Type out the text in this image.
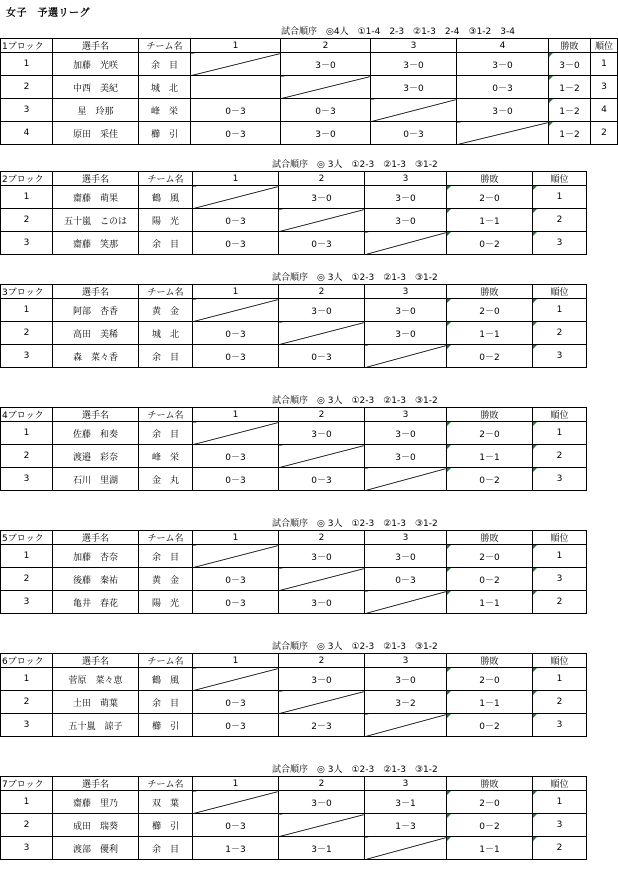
女子　予選リーグ
試合順序　◎4人　①1-4　2-3　②1-3　2-4　③1-2　3-4
1ブロック	選手名	チーム名	1	2	3	4	勝敗	順位
1	加藤　光咲	余　目		3－0	3－0	3－0	3－0	1
2	中西　美紀	城　北			3－0	0－3	1－2	3
3	星　玲那	峰　栄	0－3	0－3		3－0	1－2	4
4	原田　采佳	櫛　引	0－3	3－0	0－3		1－2	2
試合順序　◎ 3人　①2-3　②1-3　③1-2
2ブロック	選手名	チーム名	1	2	3	勝敗	順位
1	齋藤　萌果	鶴　風		3－0	3－0	2－0	1
2	五十嵐　このは	陽　光	0－3		3－0	1－1	2
3	齋藤　笑那	余　目	0－3	0－3		0－2	3
試合順序　◎ 3人　①2-3　②1-3　③1-2
3ブロック	選手名	チーム名	1	2	3	勝敗	順位
1	阿部　杏香	黄　金		3－0	3－0	2－0	1
2	高田　美稀	城　北	0－3		3－0	1－1	2
3	森　菜々香	余　目	0－3	0－3		0－2	3
試合順序　◎ 3人　①2-3　②1-3　③1-2
4ブロック	選手名	チーム名	1	2	3	勝敗	順位
1	佐藤　和奏	余　目		3－0	3－0	2－0	1
2	渡邉　彩奈	峰　栄	0－3		3－0	1－1	2
3	石川　里湖	金　丸	0－3	0－3		0－2	3
試合順序　◎ 3人　①2-3　②1-3　③1-2
5ブロック	選手名	チーム名	1	2	3	勝敗	順位
1	加藤　杏奈	余　目		3－0	3－0	2－0	1
2	後藤　秦祐	黄　金	0－3		0－3	0－2	3
3	亀井　春花	陽　光	0－3	3－0		1－1	2
試合順序　◎ 3人　①2-3　②1-3　③1-2
6ブロック	選手名	チーム名	1	2	3	勝敗	順位
1	菅原　菜々恵	鶴　風		3－0	3－0	2－0	1
2	土田　萌葉	余　目	0－3		3－2	1－1	2
3	五十嵐　諒子	櫛　引	0－3	2－3		0－2	3
試合順序　◎ 3人　①2-3　②1-3　③1-2
7ブロック	選手名	チーム名	1	2	3	勝敗	順位
1	齋藤　里乃	双　葉		3－0	3－1	2－0	1
2	成田　瑞葵	櫛　引	0－3		1－3	0－2	3
3	渡部　優利	余　目	1－3	3－1		1－1	2
